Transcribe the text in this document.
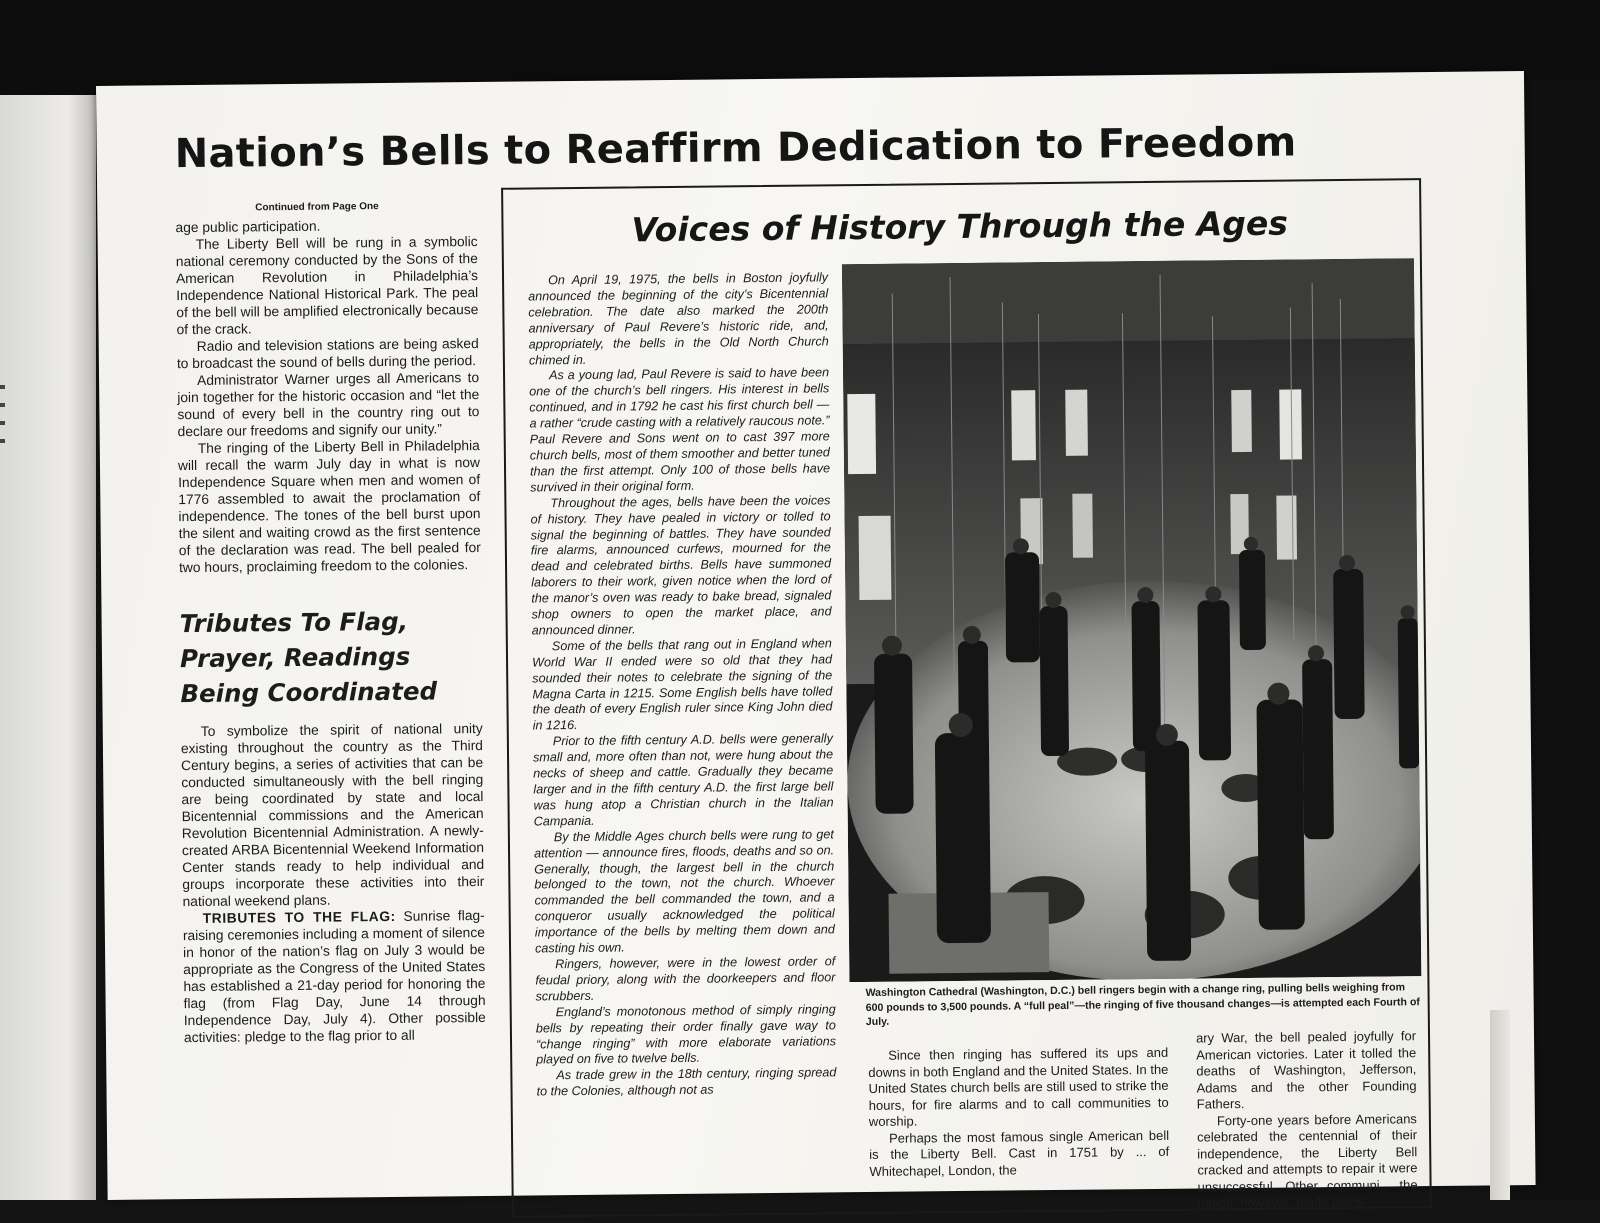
Nation’s Bells to Reaffirm Dedication to Freedom

Continued from Page One

age public participation.

The Liberty Bell will be rung in a symbolic national ceremony conducted by the Sons of the American Revolution in Philadelphia’s Independence National Historical Park. The peal of the bell will be amplified electronically because of the crack.

Radio and television stations are being asked to broadcast the sound of bells during the period.

Administrator Warner urges all Americans to join together for the historic occasion and “let the sound of every bell in the country ring out to declare our freedoms and signify our unity.”

The ringing of the Liberty Bell in Philadelphia will recall the warm July day in what is now Independence Square when men and women of 1776 assembled to await the proclamation of independence. The tones of the bell burst upon the silent and waiting crowd as the first sentence of the declaration was read. The bell pealed for two hours, proclaiming freedom to the colonies.

Tributes To Flag, Prayer, Readings Being Coordinated

To symbolize the spirit of national unity existing throughout the country as the Third Century begins, a series of activities that can be conducted simultaneously with the bell ringing are being coordinated by state and local Bicentennial commissions and the American Revolution Bicentennial Administration. A newly-created ARBA Bicentennial Weekend Information Center stands ready to help individual and groups incorporate these activities into their national weekend plans.

TRIBUTES TO THE FLAG: Sunrise flag-raising ceremonies including a moment of silence in honor of the nation’s flag on July 3 would be appropriate as the Congress of the United States has established a 21-day period for honoring the flag (from Flag Day, June 14 through Independence Day, July 4). Other possible activities: pledge to the flag prior to all

Voices of History Through the Ages

On April 19, 1975, the bells in Boston joyfully announced the beginning of the city’s Bicentennial celebration. The date also marked the 200th anniversary of Paul Revere’s historic ride, and, appropriately, the bells in the Old North Church chimed in.

As a young lad, Paul Revere is said to have been one of the church’s bell ringers. His interest in bells continued, and in 1792 he cast his first church bell — a rather “crude casting with a relatively raucous note.” Paul Revere and Sons went on to cast 397 more church bells, most of them smoother and better tuned than the first attempt. Only 100 of those bells have survived in their original form.

Throughout the ages, bells have been the voices of history. They have pealed in victory or tolled to signal the beginning of battles. They have sounded fire alarms, announced curfews, mourned for the dead and celebrated births. Bells have summoned laborers to their work, given notice when the lord of the manor’s oven was ready to bake bread, signaled shop owners to open the market place, and announced dinner.

Some of the bells that rang out in England when World War II ended were so old that they had sounded their notes to celebrate the signing of the Magna Carta in 1215. Some English bells have tolled the death of every English ruler since King John died in 1216.

Prior to the fifth century A.D. bells were generally small and, more often than not, were hung about the necks of sheep and cattle. Gradually they became larger and in the fifth century A.D. the first large bell was hung atop a Christian church in the Italian Campania.

By the Middle Ages church bells were rung to get attention — announce fires, floods, deaths and so on. Generally, though, the largest bell in the church belonged to the town, not the church. Whoever commanded the bell commanded the town, and a conqueror usually acknowledged the political importance of the bells by melting them down and casting his own.

Ringers, however, were in the lowest order of feudal priory, along with the doorkeepers and floor scrubbers.

England’s monotonous method of simply ringing bells by repeating their order finally gave way to “change ringing” with more elaborate variations played on five to twelve bells.

As trade grew in the 18th century, ringing spread to the Colonies, although not as

Washington Cathedral (Washington, D.C.) bell ringers begin with a change ring, pulling bells weighing from 600 pounds to 3,500 pounds. A “full peal”—the ringing of five thousand changes—is attempted each Fourth of July.

Since then ringing has suffered its ups and downs in both England and the United States. In the United States church bells are still used to strike the hours, for fire alarms and to call communities to worship.

Perhaps the most famous single American bell is the Liberty Bell. Cast in 1751 by ... of Whitechapel, London, the

ary War, the bell pealed joyfully for American victories. Later it tolled the deaths of Washington, Jefferson, Adams and the other Founding Fathers.

Forty-one years before Americans celebrated the centennial of their independence, the Liberty Bell cracked and attempts to repair it were unsuccessful. Other communi... the nation, however, made plans
